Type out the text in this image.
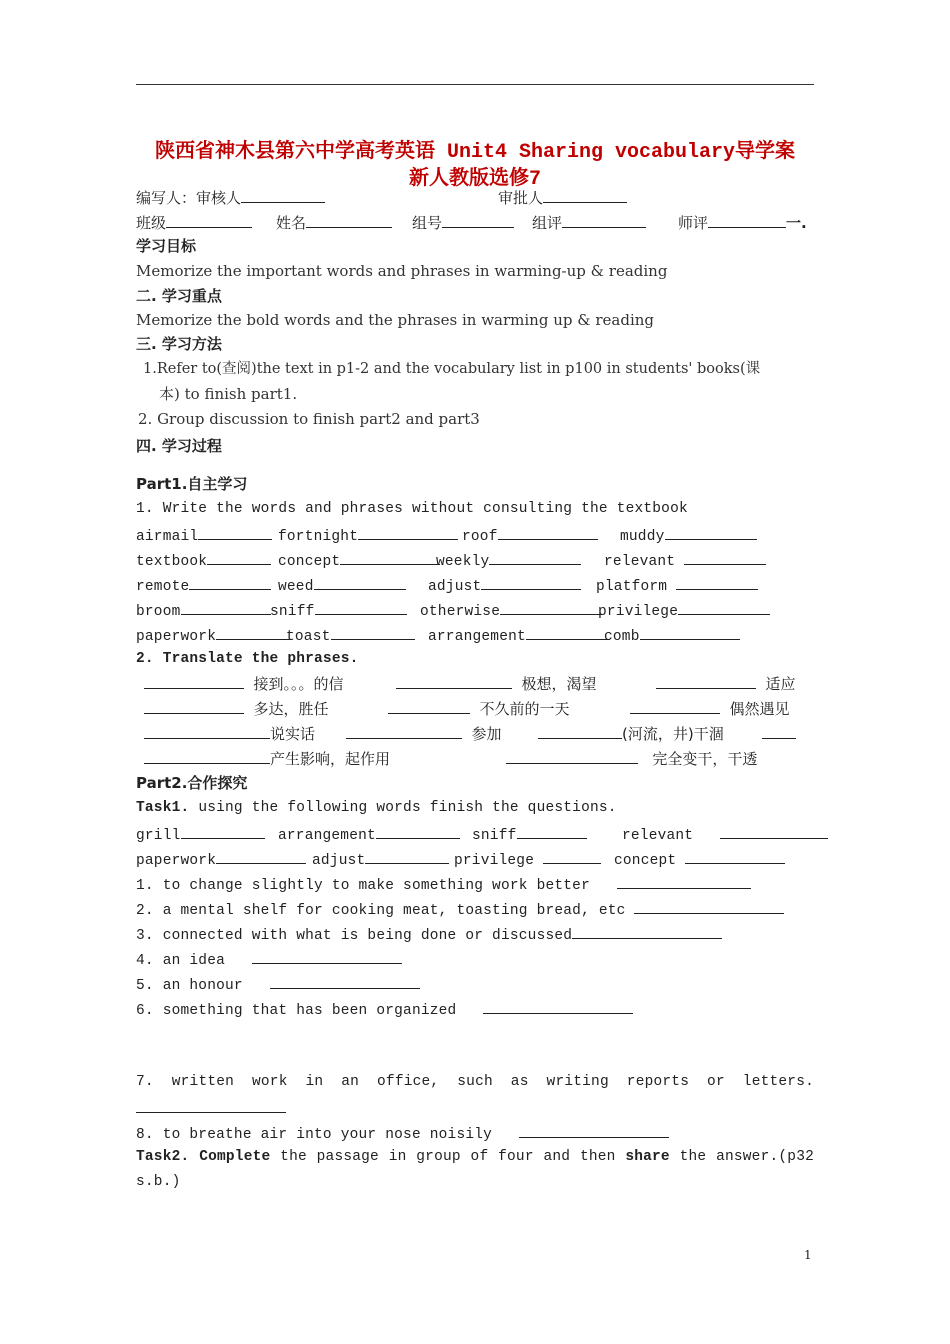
陕西省神木县第六中学高考英语 Unit4 Sharing vocabulary导学案
新人教版选修7
编写人：审核人	审批人
班级	姓名	组号	组评	师评	一.
学习目标
Memorize the important words and phrases in warming-up & reading
二. 学习重点
Memorize the bold words and the phrases in warming up & reading
三. 学习方法
1.Refer to(查阅)the text in p1-2 and the vocabulary list in p100 in students' books(课
本) to finish part1.
2. Group discussion to finish part2 and part3
四. 学习过程
Part1.自主学习
1. Write the words and phrases without consulting the textbook
airmail	fortnight	roof	muddy
textbook	concept	weekly	relevant
remote	weed	adjust	platform
broom	sniff	otherwise	privilege
paperwork	toast	arrangement	comb
2. Translate the phrases.
接到。。。的信	极想，渴望	适应
多达，胜任	不久前的一天	偶然遇见
说实话	参加	(河流，井)干涸
产生影响，起作用	完全变干，干透
Part2.合作探究
Task1. using the following words finish the questions.
grill	arrangement	sniff	relevant
paperwork	adjust	privilege	concept
1. to change slightly to make something work better
2. a mental shelf for cooking meat, toasting bread, etc
3. connected with what is being done or discussed
4. an idea
5. an honour
6. something that has been organized
7. written work in an office, such as writing reports or letters.
8. to breathe air into your nose noisily
Task2. Complete the passage in group of four and then share the answer.(p32
s.b.)
1
